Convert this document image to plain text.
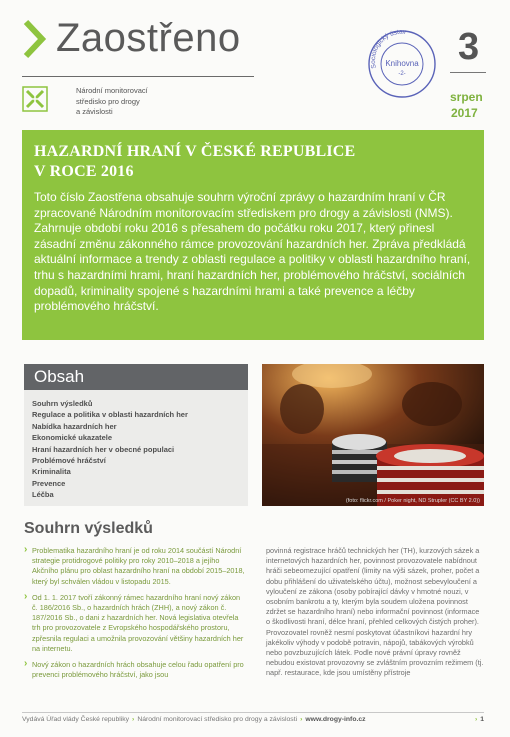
Zaostřeno
Národní monitorovací
středisko pro drogy
a závislosti
Sociologický ústav
Knihovna
-2-
3
srpen
2017
HAZARDNÍ HRANÍ V ČESKÉ REPUBLICE
V ROCE 2016

Toto číslo Zaostřena obsahuje souhrn výroční zprávy o hazardním hraní v ČR zpracované Národním monitorovacím střediskem pro drogy a závislosti (NMS). Zahrnuje období roku 2016 s přesahem do počátku roku 2017, který přinesl zásadní změnu zákonného rámce provozování hazardních her. Zpráva předkládá aktuální informace a trendy z oblasti regulace a politiky v oblasti hazardního hraní, trhu s hazardními hrami, hraní hazardních her, problémového hráčství, sociálních dopadů, kriminality spojené s hazardními hrami a také prevence a léčby problémového hráčství.

Obsah
Souhrn výsledků
Regulace a politika v oblasti hazardních her
Nabídka hazardních her
Ekonomické ukazatele
Hraní hazardních her v obecné populaci
Problémové hráčství
Kriminalita
Prevence
Léčba
(foto: flickr.com / Poker night, ND Strupler (CC BY 2.0))
Souhrn výsledků
› Problematika hazardního hraní je od roku 2014 součástí Národní strategie protidrogové politiky pro roky 2010–2018 a jejího Akčního plánu pro oblast hazardního hraní na období 2015–2018, který byl schválen vládou v listopadu 2015.
› Od 1. 1. 2017 tvoří zákonný rámec hazardního hraní nový zákon č. 186/2016 Sb., o hazardních hrách (ZHH), a nový zákon č. 187/2016 Sb., o dani z hazardních her. Nová legislativa otevřela trh pro provozovatele z Evropského hospodářského prostoru, zpřesnila regulaci a umožnila provozování většiny hazardních her na internetu.
› Nový zákon o hazardních hrách obsahuje celou řadu opatření pro prevenci problémového hráčství, jako jsou

povinná registrace hráčů technických her (TH), kurzových sázek a internetových hazardních her, povinnost provozovatele nabídnout hráči sebeomezující opatření (limity na výši sázek, proher, počet a dobu přihlášení do uživatelského účtu), možnost sebevyloučení a vyloučení ze zákona (osoby pobírající dávky v hmotné nouzi, v osobním bankrotu a ty, kterým byla soudem uložena povinnost zdržet se hazardního hraní) nebo informační povinnost (informace o škodlivosti hraní, délce hraní, přehled celkových čistých proher). Provozovatel rovněž nesmí poskytovat účastníkovi hazardní hry jakékoliv výhody v podobě potravin, nápojů, tabákových výrobků nebo povzbuzujících látek. Podle nové právní úpravy rovněž nebudou existovat provozovny se zvláštním provozním režimem (tj. např. restaurace, kde jsou umístěny přístroje

Vydává Úřad vlády České republiky › Národní monitorovací středisko pro drogy a závislosti › www.drogy-info.cz	› 1
